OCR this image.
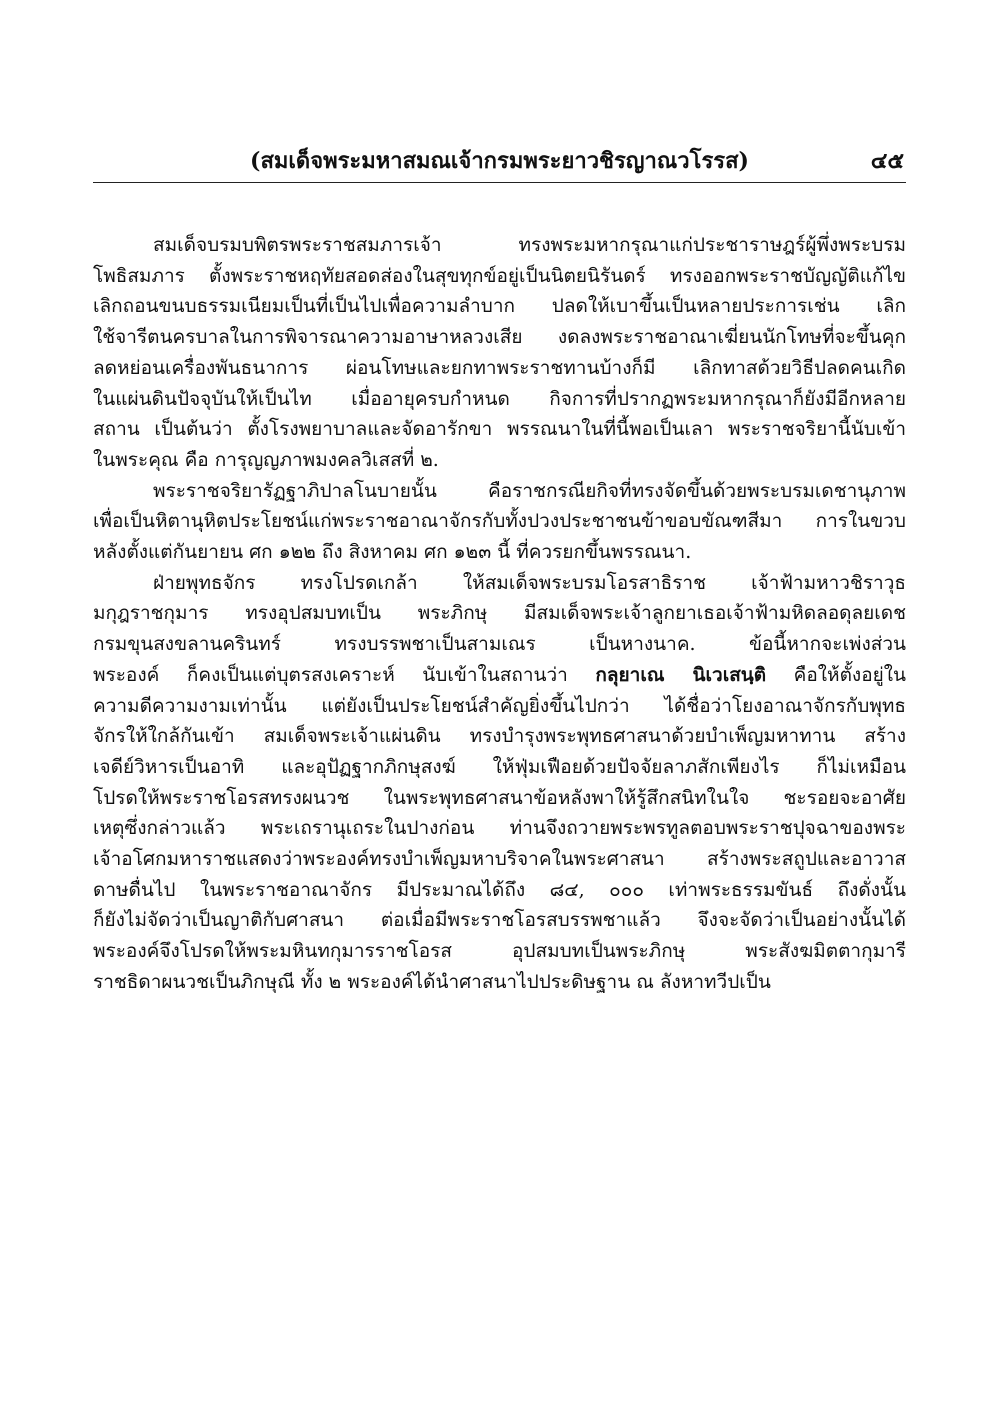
(สมเด็จพระมหาสมณเจ้ากรมพระยาวชิรญาณวโรรส)	๔๕

สมเด็จบรมบพิตรพระราชสมภารเจ้า ทรงพระมหากรุณาแก่ประชาราษฎร์ผู้พึ่งพระบรม
โพธิสมภาร ตั้งพระราชหฤทัยสอดส่องในสุขทุกข์อยู่เป็นนิตยนิรันดร์ ทรงออกพระราชบัญญัติแก้ไข
เลิกถอนขนบธรรมเนียมเป็นที่เป็นไปเพื่อความลำบาก ปลดให้เบาขึ้นเป็นหลายประการเช่น เลิก
ใช้จารีตนครบาลในการพิจารณาความอาษาหลวงเสีย งดลงพระราชอาณาเฆี่ยนนักโทษที่จะขึ้นคุก
ลดหย่อนเครื่องพันธนาการ ผ่อนโทษและยกทาพระราชทานบ้างก็มี เลิกทาสด้วยวิธีปลดคนเกิด
ในแผ่นดินปัจจุบันให้เป็นไท เมื่ออายุครบกำหนด กิจการที่ปรากฏพระมหากรุณาก็ยังมีอีกหลาย
สถาน เป็นต้นว่า ตั้งโรงพยาบาลและจัดอารักขา พรรณนาในที่นี้พอเป็นเลา พระราชจริยานี้นับเข้า
ในพระคุณ คือ การุญญภาพมงคลวิเสสที่ ๒.

พระราชจริยารัฏฐาภิปาลโนบายนั้น คือราชกรณียกิจที่ทรงจัดขึ้นด้วยพระบรมเดชานุภาพ
เพื่อเป็นหิตานุหิตประโยชน์แก่พระราชอาณาจักรกับทั้งปวงประชาชนข้าขอบขัณฑสีมา การในขวบ
หลังตั้งแต่กันยายน ศก ๑๒๒ ถึง สิงหาคม ศก ๑๒๓ นี้ ที่ควรยกขึ้นพรรณนา.

ฝ่ายพุทธจักร ทรงโปรดเกล้า ให้สมเด็จพระบรมโอรสาธิราช เจ้าฟ้ามหาวชิราวุธ
มกุฎราชกุมาร ทรงอุปสมบทเป็น พระภิกษุ มีสมเด็จพระเจ้าลูกยาเธอเจ้าฟ้ามหิดลอดุลยเดช
กรมขุนสงขลานครินทร์ ทรงบรรพชาเป็นสามเณร เป็นหางนาค. ข้อนี้หากจะเพ่งส่วน
พระองค์ ก็คงเป็นแต่บุตรสงเคราะห์ นับเข้าในสถานว่า กลุยาเณ นิเวเสนฺติ คือให้ตั้งอยู่ใน
ความดีความงามเท่านั้น แต่ยังเป็นประโยชน์สำคัญยิ่งขึ้นไปกว่า ได้ชื่อว่าโยงอาณาจักรกับพุทธ
จักรให้ใกล้กันเข้า สมเด็จพระเจ้าแผ่นดิน ทรงบำรุงพระพุทธศาสนาด้วยบำเพ็ญมหาทาน สร้าง
เจดีย์วิหารเป็นอาทิ และอุปัฏฐากภิกษุสงฆ์ ให้ฟุ่มเฟือยด้วยปัจจัยลาภสักเพียงไร ก็ไม่เหมือน
โปรดให้พระราชโอรสทรงผนวช ในพระพุทธศาสนาข้อหลังพาให้รู้สึกสนิทในใจ ชะรอยจะอาศัย
เหตุซึ่งกล่าวแล้ว พระเถรานุเถระในปางก่อน ท่านจึงถวายพระพรทูลตอบพระราชปุจฉาของพระ
เจ้าอโศกมหาราชแสดงว่าพระองค์ทรงบำเพ็ญมหาบริจาคในพระศาสนา สร้างพระสถูปและอาวาส
ดาษดื่นไป ในพระราชอาณาจักร มีประมาณได้ถึง ๘๔, ๐๐๐ เท่าพระธรรมขันธ์ ถึงดั่งนั้น
ก็ยังไม่จัดว่าเป็นญาติกับศาสนา ต่อเมื่อมีพระราชโอรสบรรพชาแล้ว จึงจะจัดว่าเป็นอย่างนั้นได้
พระองค์จึงโปรดให้พระมหินทกุมารราชโอรส อุปสมบทเป็นพระภิกษุ พระสังฆมิตตากุมารี
ราชธิดาผนวชเป็นภิกษุณี ทั้ง ๒ พระองค์ได้นำศาสนาไปประดิษฐาน ณ ลังหาทวีปเป็น
